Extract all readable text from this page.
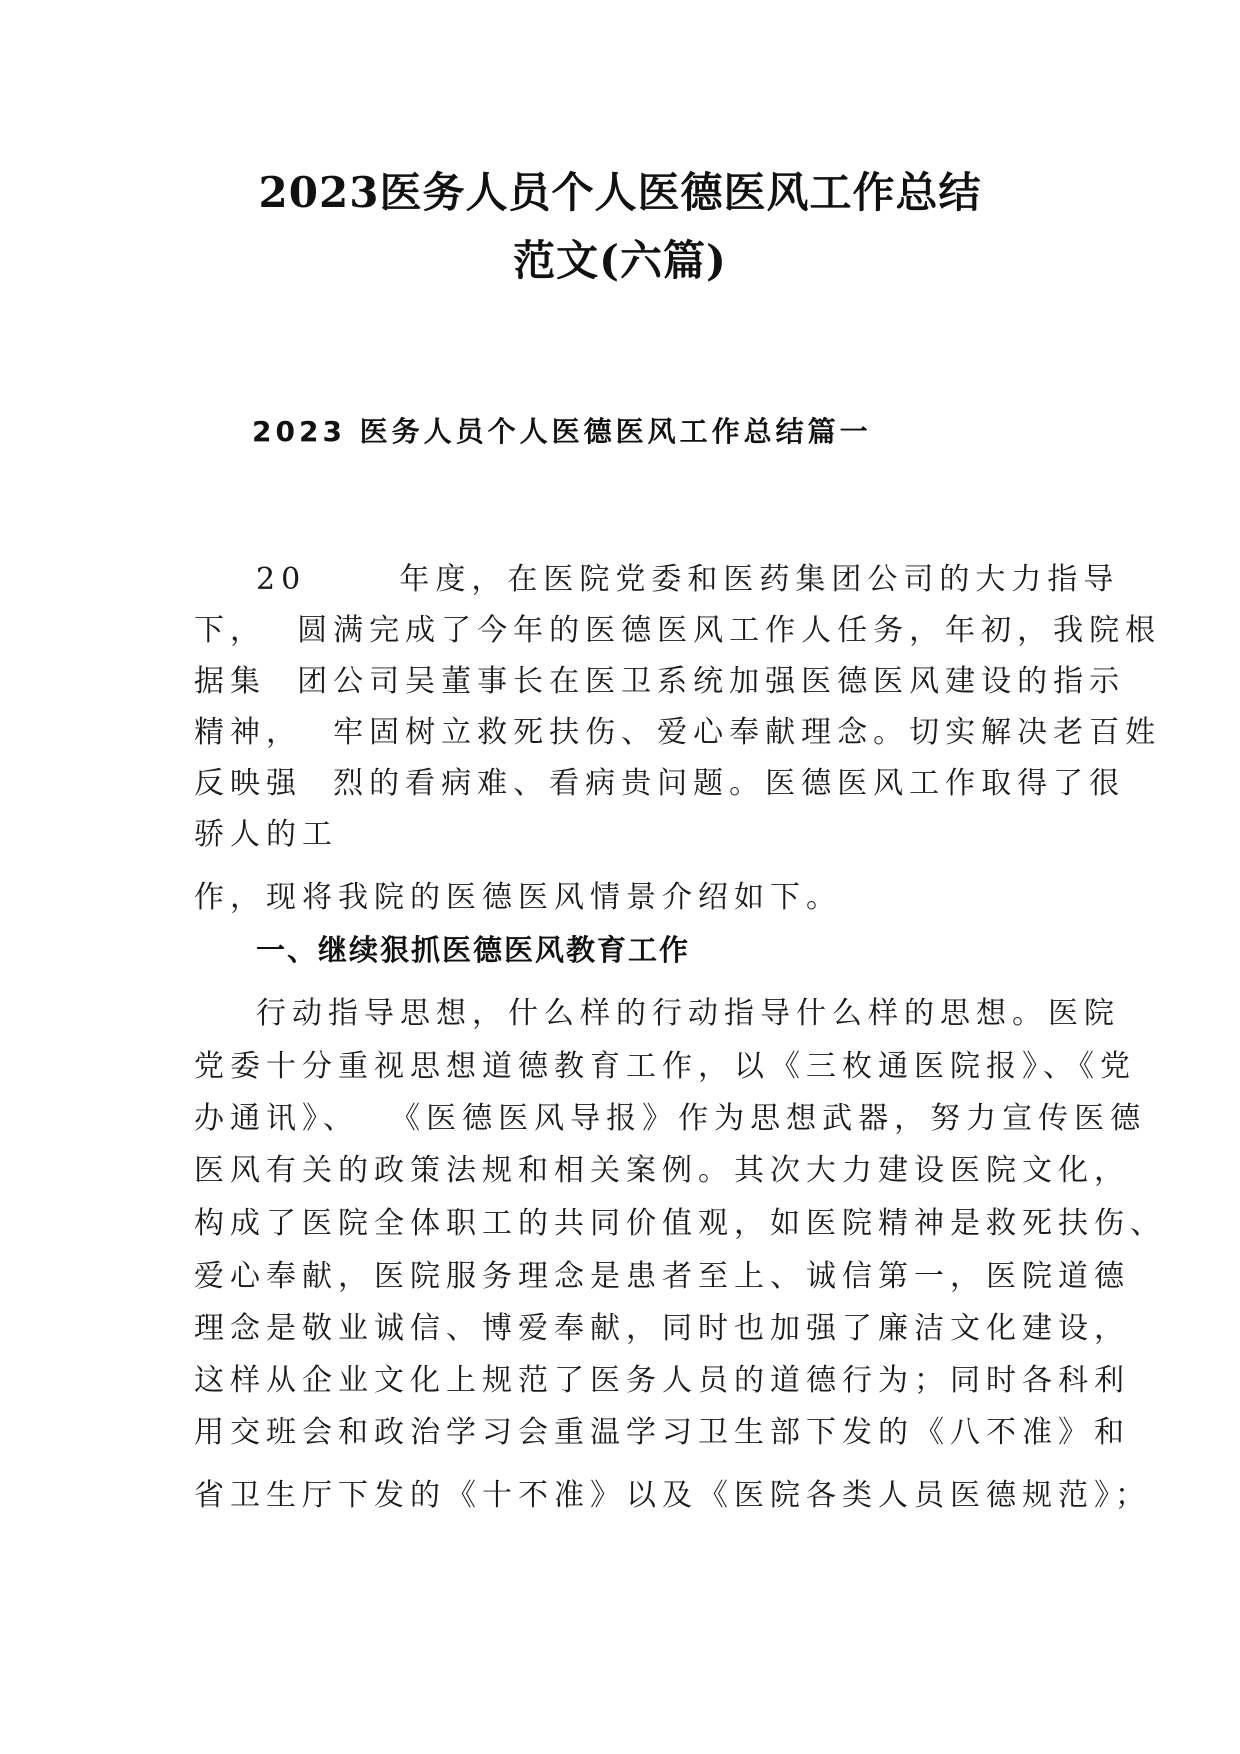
2023医务人员个人医德医风工作总结
范文(六篇)
2023 医务人员个人医德医风工作总结篇一
20      年度，在医院党委和医药集团公司的大力指导
下，  圆满完成了今年的医德医风工作人任务，年初，我院根
据集  团公司吴董事长在医卫系统加强医德医风建设的指示
精神，  牢固树立救死扶伤、爱心奉献理念。切实解决老百姓
反映强  烈的看病难、看病贵问题。医德医风工作取得了很
骄人的工
作，现将我院的医德医风情景介绍如下。
一、继续狠抓医德医风教育工作
行动指导思想，什么样的行动指导什么样的思想。医院
党委十分重视思想道德教育工作，以《三枚通医院报》、《党
办通讯》、  《医德医风导报》作为思想武器，努力宣传医德
医风有关的政策法规和相关案例。其次大力建设医院文化，
构成了医院全体职工的共同价值观，如医院精神是救死扶伤、
爱心奉献，医院服务理念是患者至上、诚信第一，医院道德
理念是敬业诚信、博爱奉献，同时也加强了廉洁文化建设，
这样从企业文化上规范了医务人员的道德行为；同时各科利
用交班会和政治学习会重温学习卫生部下发的《八不准》和
省卫生厅下发的《十不准》以及《医院各类人员医德规范》；
